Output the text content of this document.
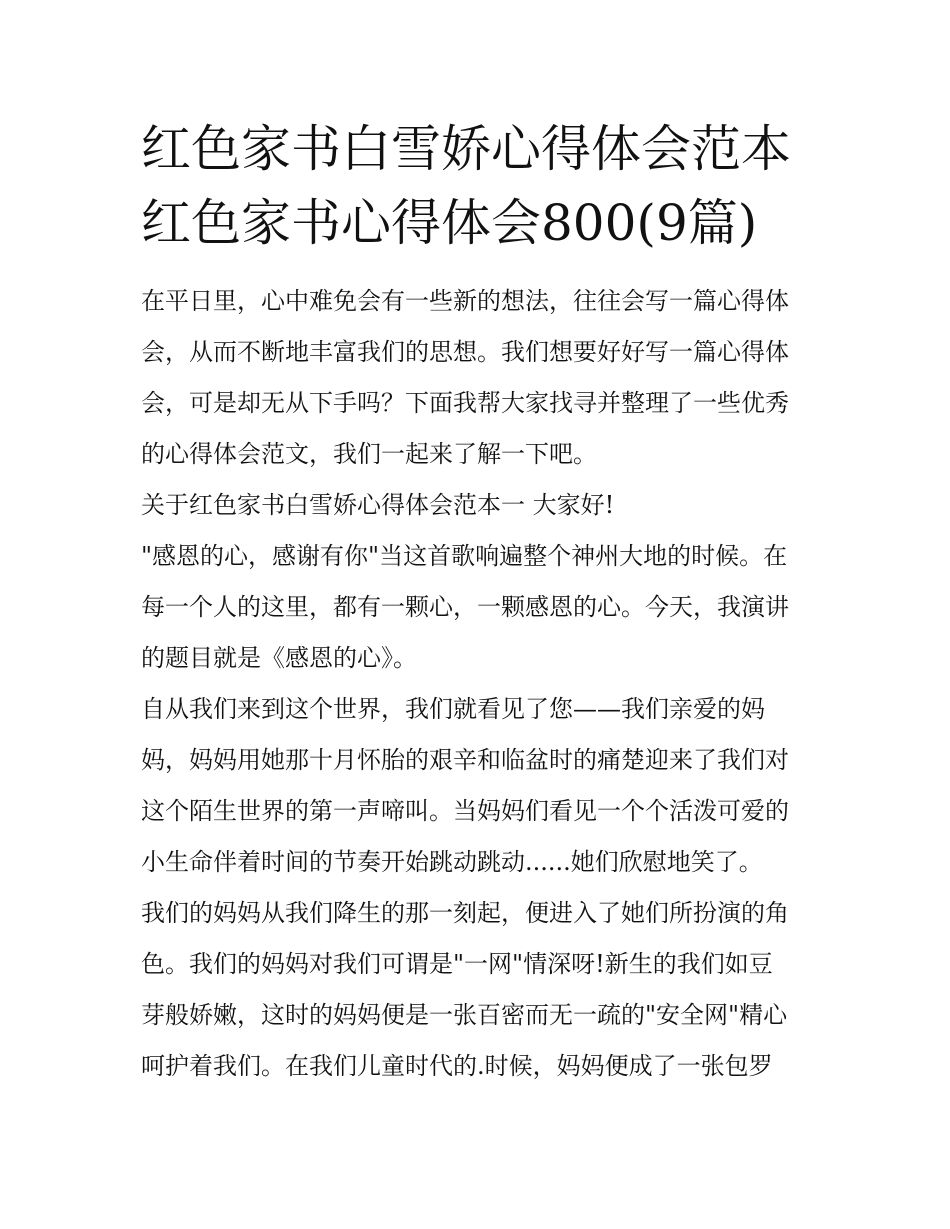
红色家书白雪娇心得体会范本
红色家书心得体会800(9篇)
在平日里，心中难免会有一些新的想法，往往会写一篇心得体
会，从而不断地丰富我们的思想。我们想要好好写一篇心得体
会，可是却无从下手吗？下面我帮大家找寻并整理了一些优秀
的心得体会范文，我们一起来了解一下吧。
关于红色家书白雪娇心得体会范本一 大家好!
"感恩的心，感谢有你"当这首歌响遍整个神州大地的时候。在
每一个人的这里，都有一颗心，一颗感恩的心。今天，我演讲
的题目就是《感恩的心》。
自从我们来到这个世界，我们就看见了您——我们亲爱的妈
妈，妈妈用她那十月怀胎的艰辛和临盆时的痛楚迎来了我们对
这个陌生世界的第一声啼叫。当妈妈们看见一个个活泼可爱的
小生命伴着时间的节奏开始跳动跳动......她们欣慰地笑了。
我们的妈妈从我们降生的那一刻起，便进入了她们所扮演的角
色。我们的妈妈对我们可谓是"一网"情深呀!新生的我们如豆
芽般娇嫩，这时的妈妈便是一张百密而无一疏的"安全网"精心
呵护着我们。在我们儿童时代的.时候，妈妈便成了一张包罗
